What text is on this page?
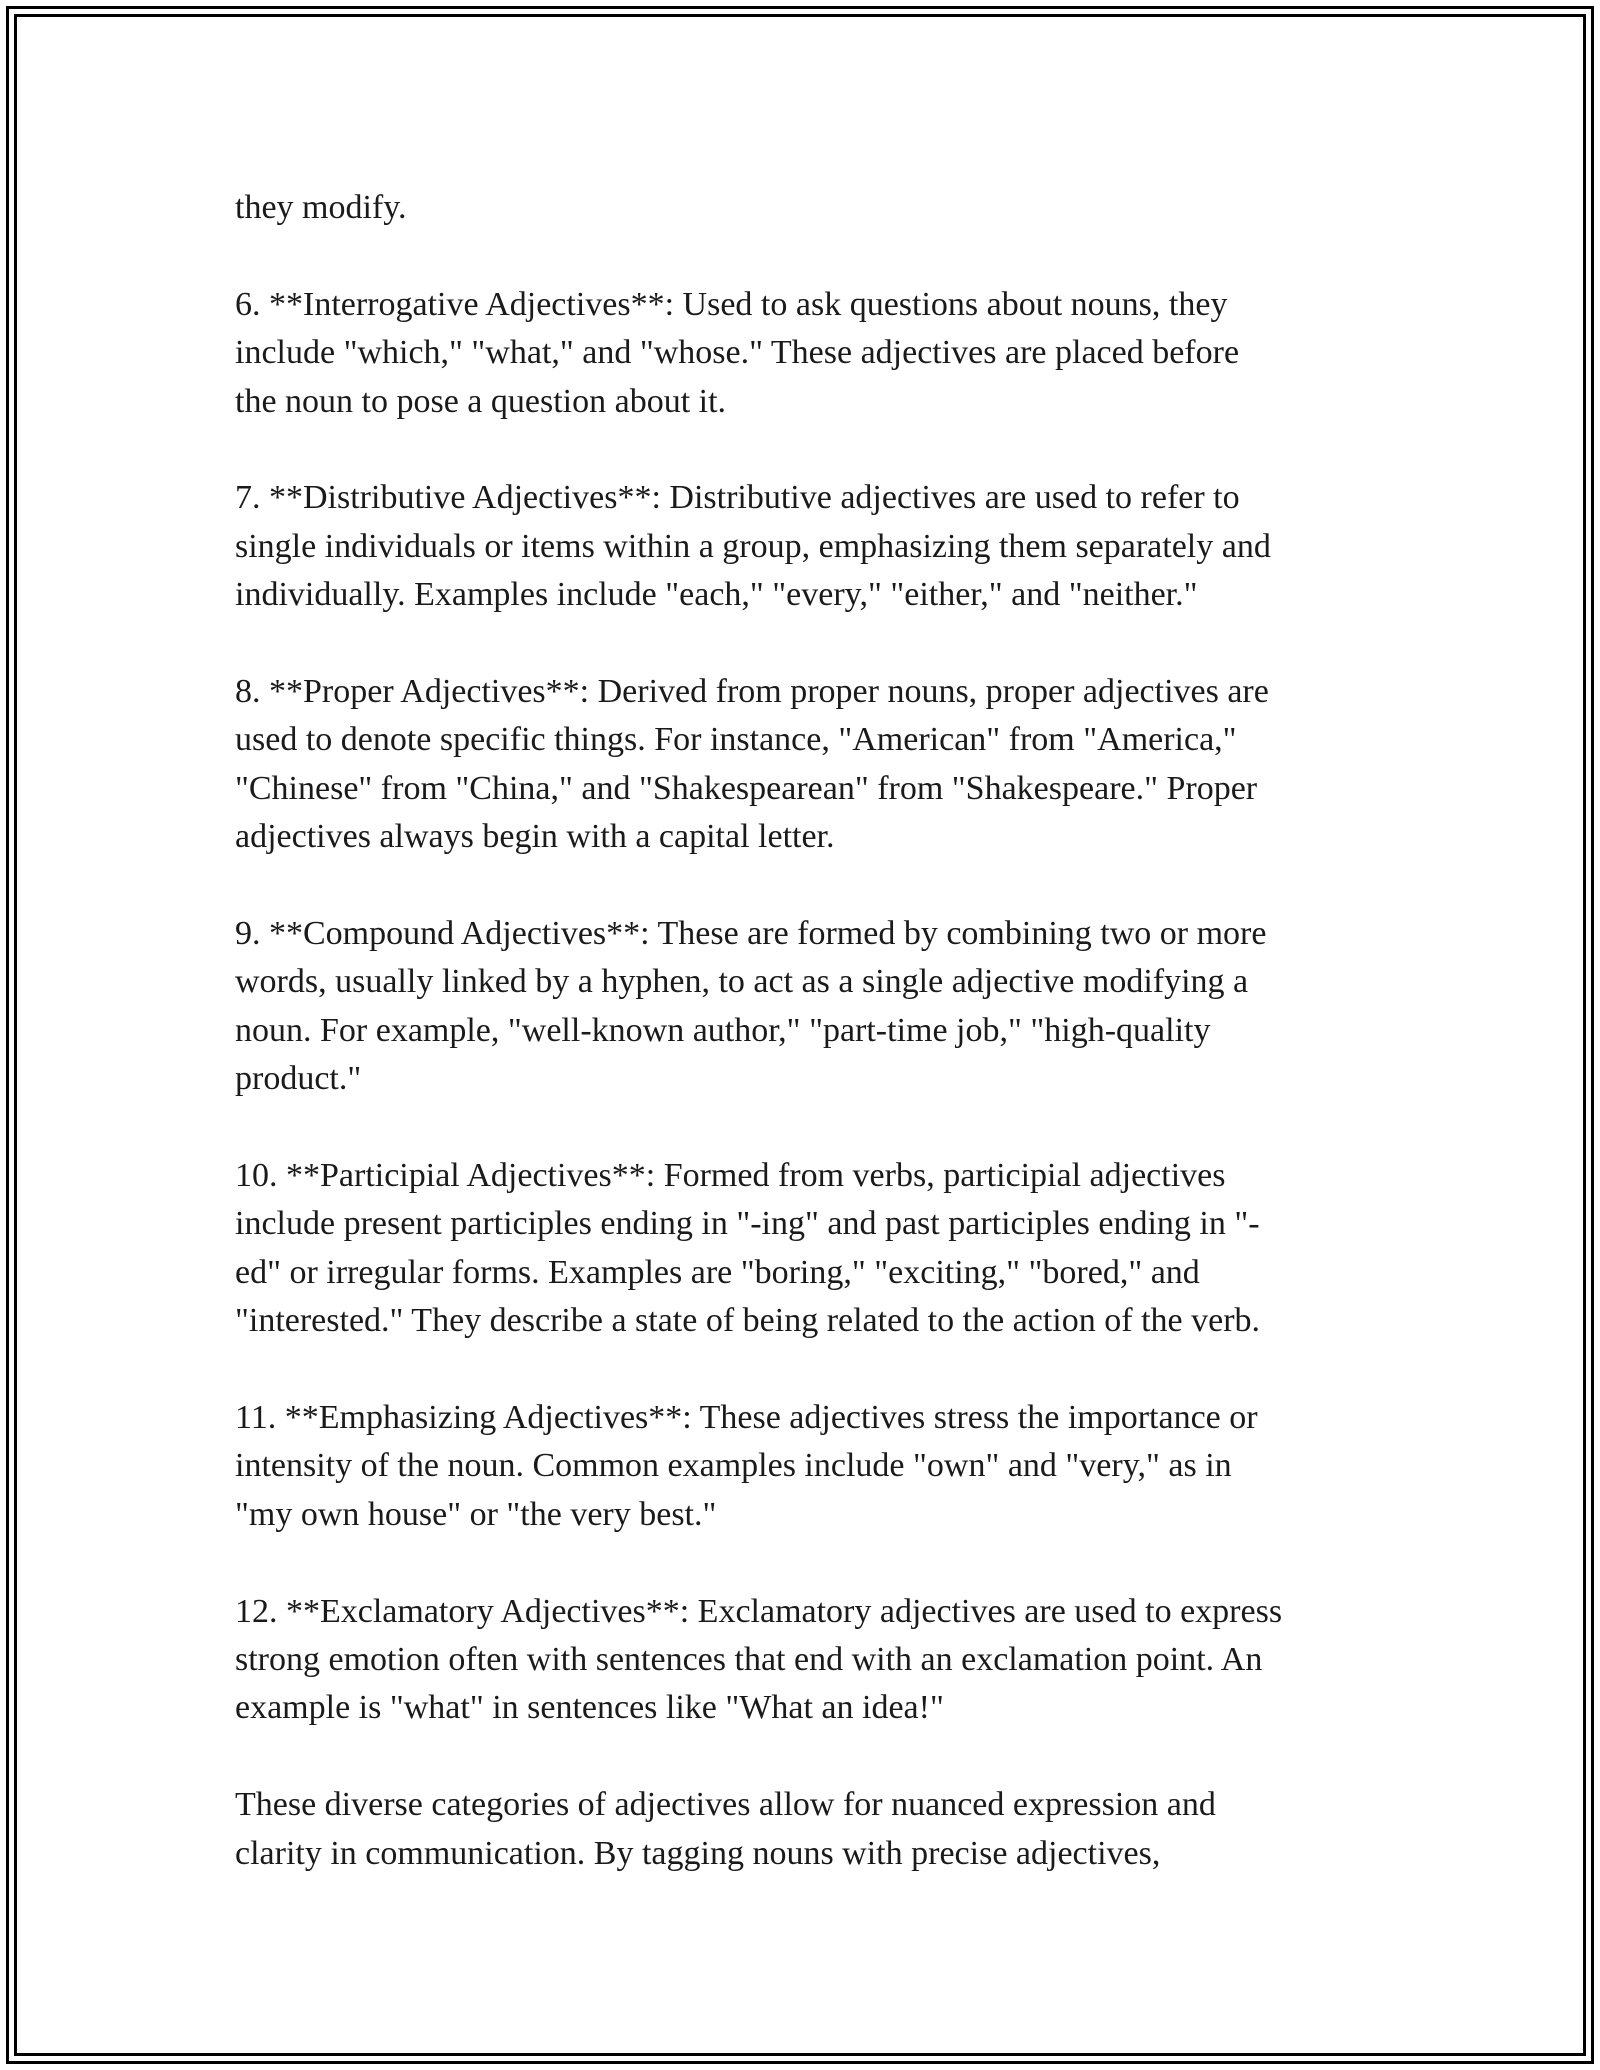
they modify.

6. **Interrogative Adjectives**: Used to ask questions about nouns, they
include "which," "what," and "whose." These adjectives are placed before
the noun to pose a question about it.

7. **Distributive Adjectives**: Distributive adjectives are used to refer to
single individuals or items within a group, emphasizing them separately and
individually. Examples include "each," "every," "either," and "neither."

8. **Proper Adjectives**: Derived from proper nouns, proper adjectives are
used to denote specific things. For instance, "American" from "America,"
"Chinese" from "China," and "Shakespearean" from "Shakespeare." Proper
adjectives always begin with a capital letter.

9. **Compound Adjectives**: These are formed by combining two or more
words, usually linked by a hyphen, to act as a single adjective modifying a
noun. For example, "well-known author," "part-time job," "high-quality
product."

10. **Participial Adjectives**: Formed from verbs, participial adjectives
include present participles ending in "-ing" and past participles ending in "-
ed" or irregular forms. Examples are "boring," "exciting," "bored," and
"interested." They describe a state of being related to the action of the verb.

11. **Emphasizing Adjectives**: These adjectives stress the importance or
intensity of the noun. Common examples include "own" and "very," as in
"my own house" or "the very best."

12. **Exclamatory Adjectives**: Exclamatory adjectives are used to express
strong emotion often with sentences that end with an exclamation point. An
example is "what" in sentences like "What an idea!"

These diverse categories of adjectives allow for nuanced expression and
clarity in communication. By tagging nouns with precise adjectives,
